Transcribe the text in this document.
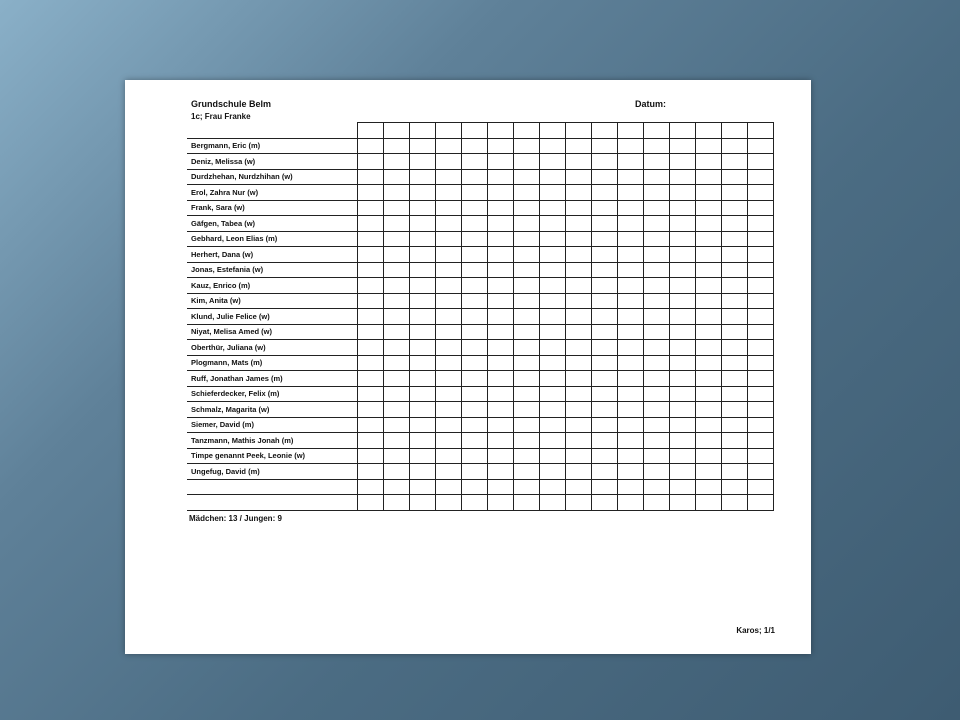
Grundschule Belm	Datum:
1c; Frau Franke

Bergmann, Eric (m)																
Deniz, Melissa (w)																
Durdzhehan, Nurdzhihan (w)																
Erol, Zahra Nur (w)																
Frank, Sara (w)																
Gäfgen, Tabea (w)																
Gebhard, Leon Elias (m)																
Herhert, Dana (w)																
Jonas, Estefania (w)																
Kauz, Enrico (m)																
Kim, Anita (w)																
Klund, Julie Felice (w)																
Niyat, Melisa Amed (w)																
Oberthür, Juliana (w)																
Plogmann, Mats (m)																
Ruff, Jonathan James (m)																
Schieferdecker, Felix (m)																
Schmalz, Magarita (w)																
Siemer, David (m)																
Tanzmann, Mathis Jonah (m)																
Timpe genannt Peek, Leonie (w)																
Ungefug, David (m)																

Mädchen: 13 / Jungen: 9
Karos; 1/1
